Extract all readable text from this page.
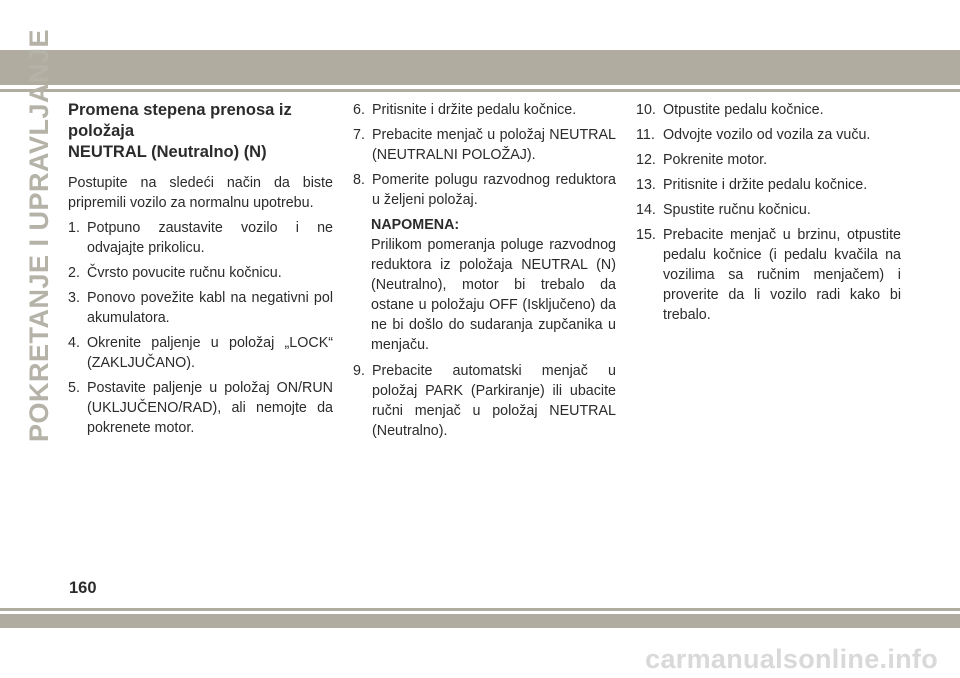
POKRETANJE I UPRAVLJANJE Promena stepena prenosa iz položaja
NEUTRAL (Neutralno) (N)

Postupite na sledeći način da biste pripremili vozilo za normalnu upotrebu.

1. Potpuno zaustavite vozilo i ne odvajajte prikolicu.
2. Čvrsto povucite ručnu kočnicu.
3. Ponovo povežite kabl na negativni pol akumulatora.
4. Okrenite paljenje u položaj „LOCK“ (ZAKLJUČANO).
5. Postavite paljenje u položaj ON/RUN (UKLJUČENO/RAD), ali nemojte da pokrenete motor.
6. Pritisnite i držite pedalu kočnice.
7. Prebacite menjač u položaj NEUTRAL (NEUTRALNI POLOŽAJ).
8. Pomerite polugu razvodnog reduktora u željeni položaj.
NAPOMENA:
Prilikom pomeranja poluge razvodnog reduktora iz položaja NEUTRAL (N) (Neutralno), motor bi trebalo da ostane u položaju OFF (Isključeno) da ne bi došlo do sudaranja zupčanika u menjaču.
9. Prebacite automatski menjač u položaj PARK (Parkiranje) ili ubacite ručni menjač u položaj NEUTRAL (Neutralno).
10. Otpustite pedalu kočnice.
11. Odvojte vozilo od vozila za vuču.
12. Pokrenite motor.
13. Pritisnite i držite pedalu kočnice.
14. Spustite ručnu kočnicu.
15. Prebacite menjač u brzinu, otpustite pedalu kočnice (i pedalu kvačila na vozilima sa ručnim menjačem) i proverite da li vozilo radi kako bi trebalo.
160
carmanualsonline.info
